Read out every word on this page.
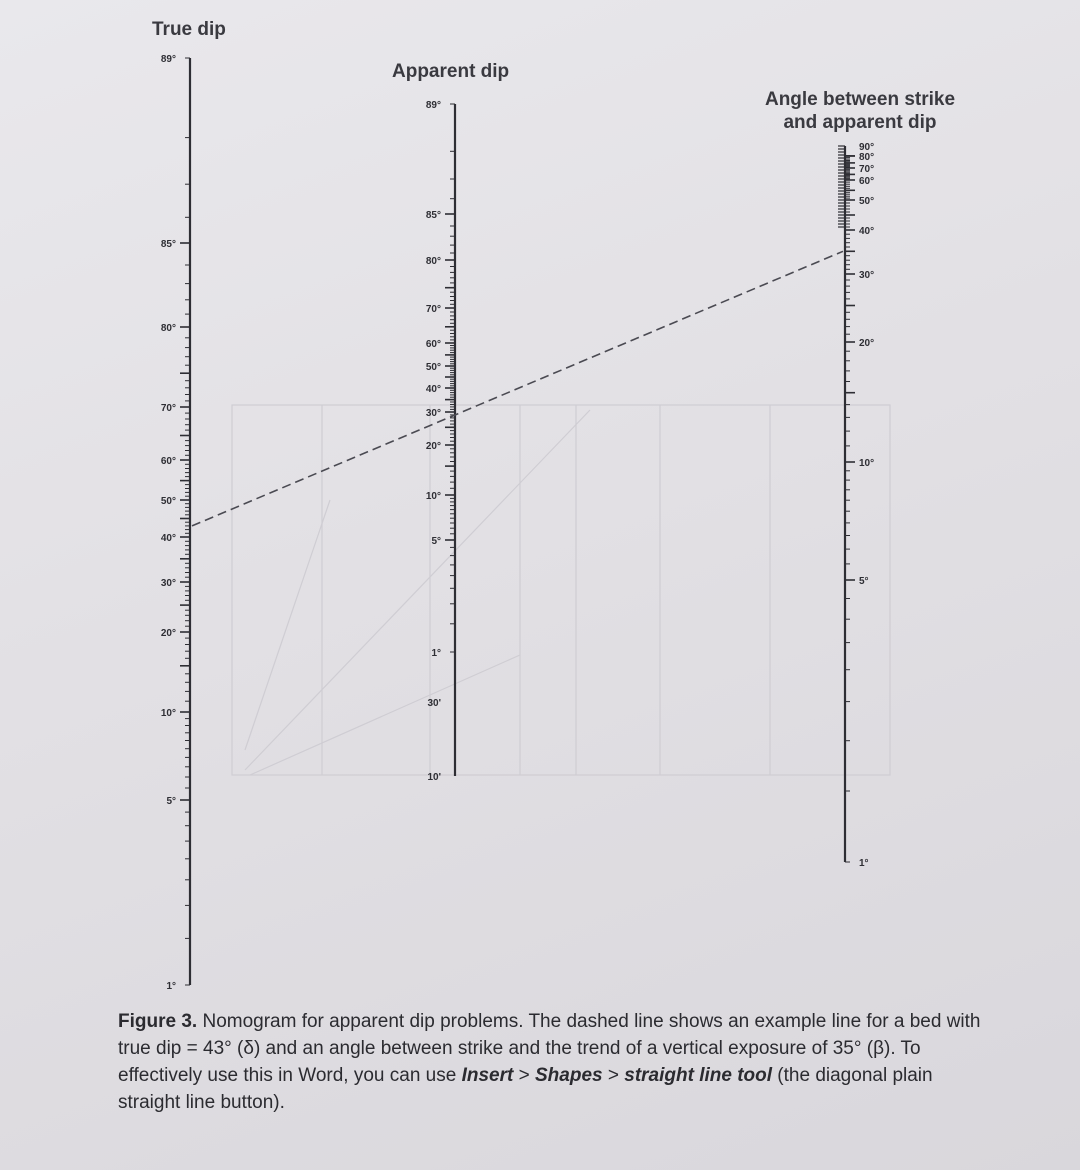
89°
85°
80°
70°
60°
50°
40°
30°
20°
10°
5°
1°
89°
85°
80°
70°
60°
50°
40°
30°
20°
10°
5°
1°
30'
10'
90°
80°
70°
60°
50°
40°
30°
20°
10°
5°
1°
True dip
Apparent dip
Angle between strike
and apparent dip
Figure 3. Nomogram for apparent dip problems. The dashed line shows an example line for a bed with true dip = 43° (δ) and an angle between strike and the trend of a vertical exposure of 35° (β). To effectively use this in Word, you can use Insert > Shapes > straight line tool (the diagonal plain straight line button).
